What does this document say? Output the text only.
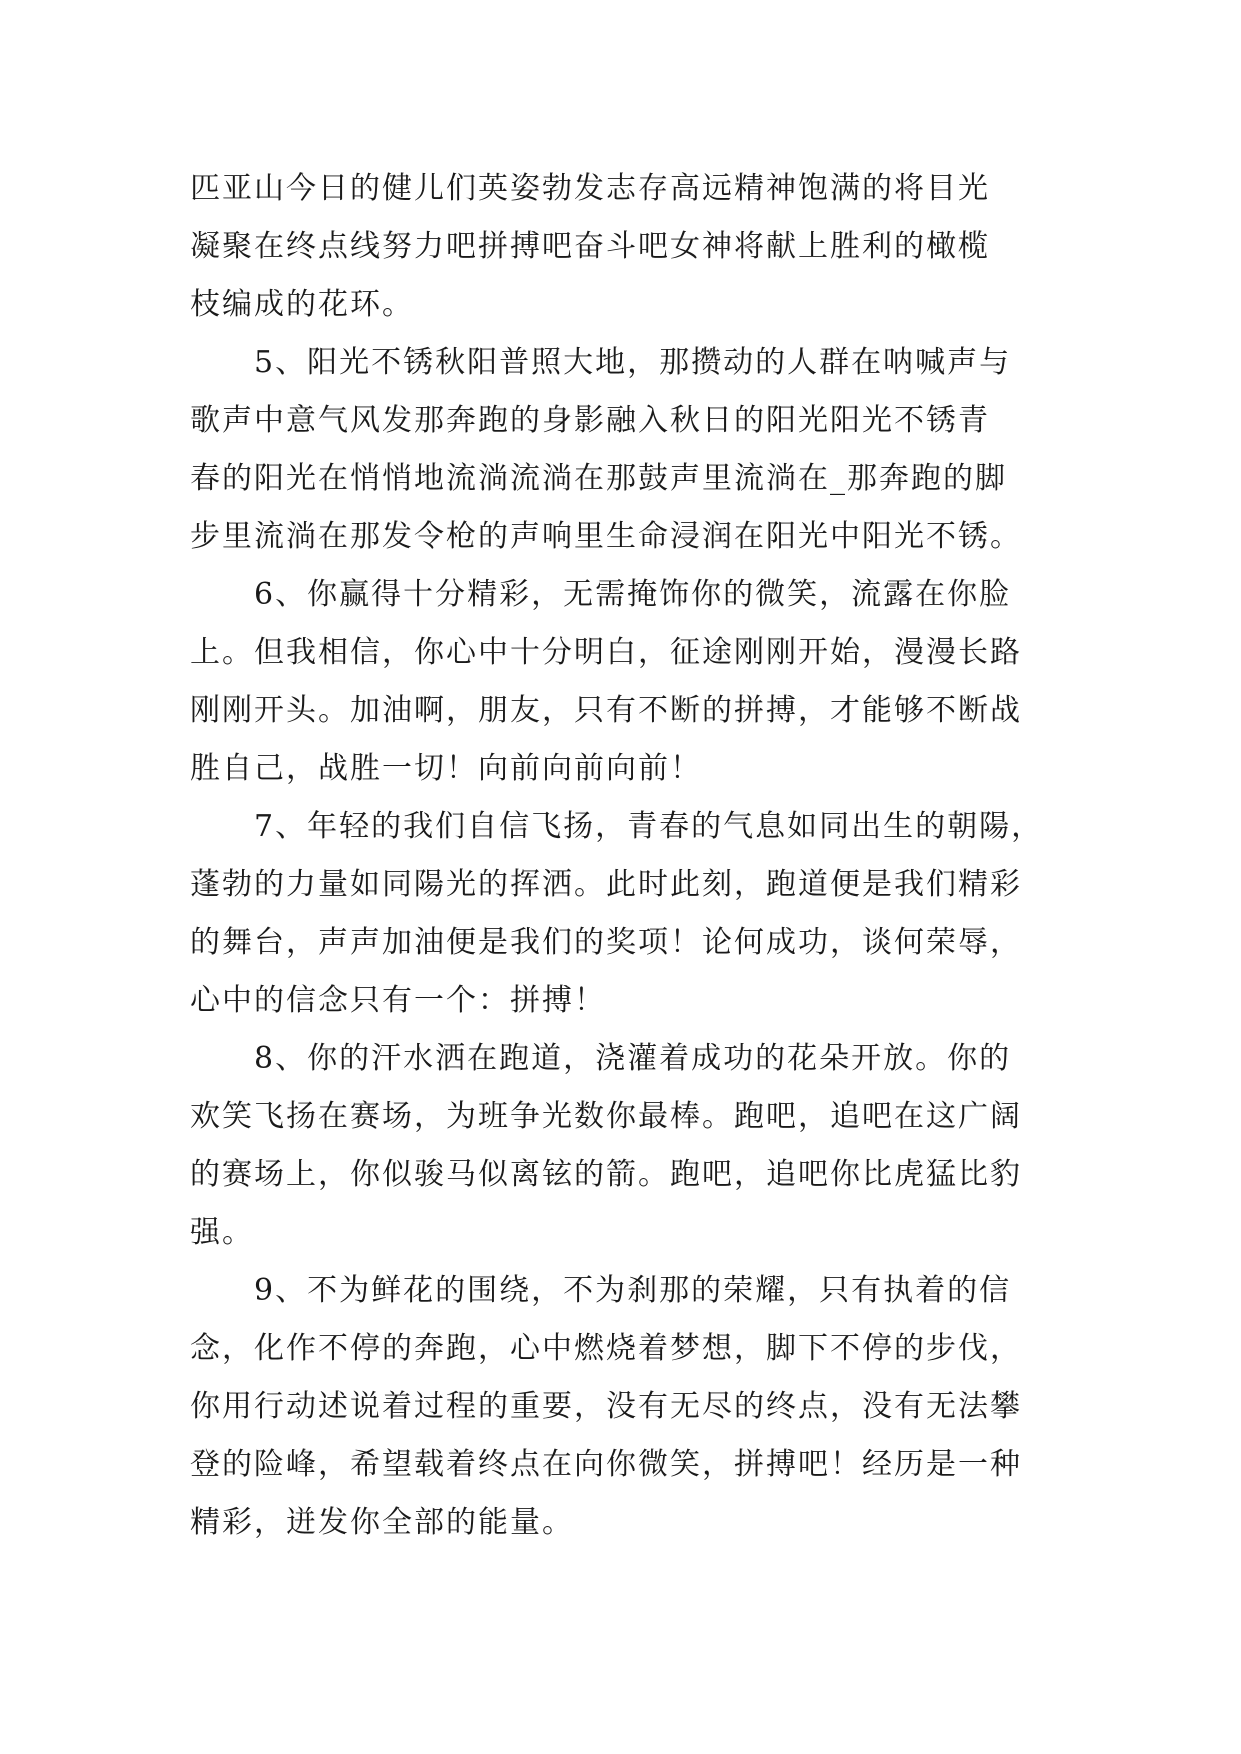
匹亚山今日的健儿们英姿勃发志存高远精神饱满的将目光
凝聚在终点线努力吧拼搏吧奋斗吧女神将献上胜利的橄榄
枝编成的花环。
　　5、阳光不锈秋阳普照大地，那攒动的人群在呐喊声与
歌声中意气风发那奔跑的身影融入秋日的阳光阳光不锈青
春的阳光在悄悄地流淌流淌在那鼓声里流淌在_那奔跑的脚
步里流淌在那发令枪的声响里生命浸润在阳光中阳光不锈。
　　6、你赢得十分精彩，无需掩饰你的微笑，流露在你脸
上。但我相信，你心中十分明白，征途刚刚开始，漫漫长路
刚刚开头。加油啊，朋友，只有不断的拼搏，才能够不断战
胜自己，战胜一切！向前向前向前！
　　7、年轻的我们自信飞扬，青春的气息如同出生的朝陽，
蓬勃的力量如同陽光的挥洒。此时此刻，跑道便是我们精彩
的舞台，声声加油便是我们的奖项！论何成功，谈何荣辱，
心中的信念只有一个：拼搏！
　　8、你的汗水洒在跑道，浇灌着成功的花朵开放。你的
欢笑飞扬在赛场，为班争光数你最棒。跑吧，追吧在这广阔
的赛场上，你似骏马似离铉的箭。跑吧，追吧你比虎猛比豹
强。
　　9、不为鲜花的围绕，不为刹那的荣耀，只有执着的信
念，化作不停的奔跑，心中燃烧着梦想，脚下不停的步伐，
你用行动述说着过程的重要，没有无尽的终点，没有无法攀
登的险峰，希望载着终点在向你微笑，拼搏吧！经历是一种
精彩，迸发你全部的能量。
